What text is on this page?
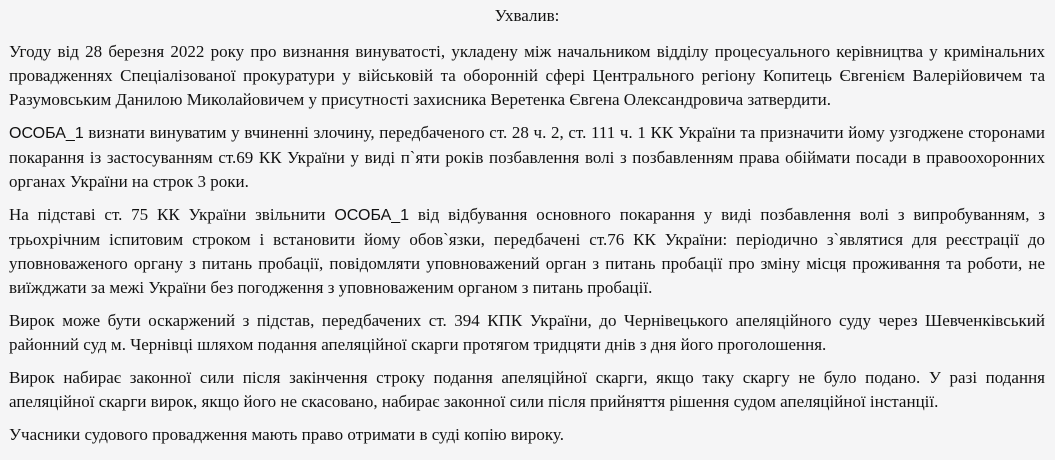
Ухвалив:

Угоду від 28 березня 2022 року про визнання винуватості, укладену між начальником відділу процесуального керівництва у кримінальних провадженнях Спеціалізованої прокуратури у військовій та оборонній сфері Центрального регіону Копитець Євгенієм Валерійовичем та Разумовським Данилою Миколайовичем у присутності захисника Веретенка Євгена Олександровича затвердити.

ОСОБА_1 визнати винуватим у вчиненні злочину, передбаченого ст. 28 ч. 2, ст. 111 ч. 1 КК України та призначити йому узгоджене сторонами покарання із застосуванням ст.69 КК України у виді п`яти років позбавлення волі з позбавленням права обіймати посади в правоохоронних органах України на строк 3 роки.

На підставі ст. 75 КК України звільнити ОСОБА_1 від відбування основного покарання у виді позбавлення волі з випробуванням, з трьохрічним іспитовим строком і встановити йому обов`язки, передбачені ст.76 КК України: періодично з`являтися для реєстрації до уповноваженого органу з питань пробації, повідомляти уповноважений орган з питань пробації про зміну місця проживання та роботи, не виїжджати за межі України без погодження з уповноваженим органом з питань пробації.

Вирок може бути оскаржений з підстав, передбачених ст. 394 КПК України, до Чернівецького апеляційного суду через Шевченківський районний суд м. Чернівці шляхом подання апеляційної скарги протягом тридцяти днів з дня його проголошення.

Вирок набирає законної сили після закінчення строку подання апеляційної скарги, якщо таку скаргу не було подано. У разі подання апеляційної скарги вирок, якщо його не скасовано, набирає законної сили після прийняття рішення судом апеляційної інстанції.

Учасники судового провадження мають право отримати в суді копію вироку.
